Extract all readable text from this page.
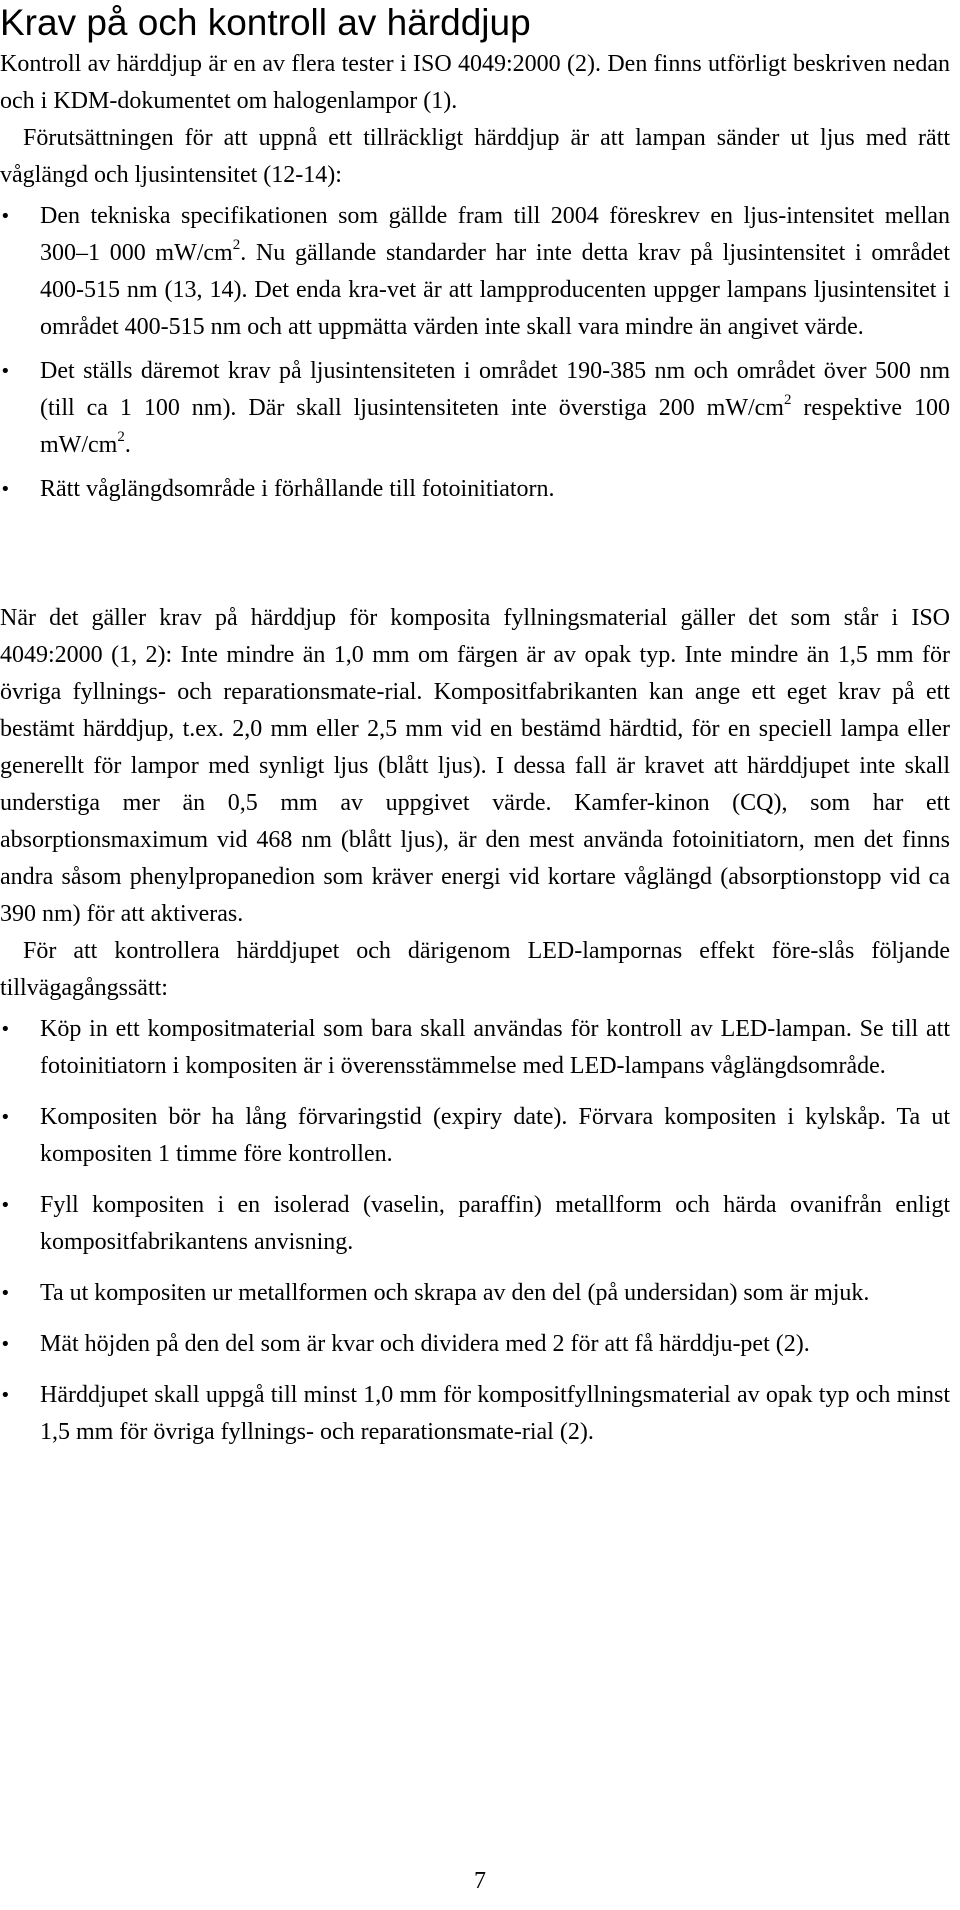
Krav på och kontroll av härddjup

Kontroll av härddjup är en av flera tester i ISO 4049:2000 (2). Den finns utförligt beskriven nedan och i KDM-dokumentet om halogenlampor (1).

Förutsättningen för att uppnå ett tillräckligt härddjup är att lampan sänder ut ljus med rätt våglängd och ljusintensitet (12-14):

•	Den tekniska specifikationen som gällde fram till 2004 föreskrev en ljus-intensitet mellan 300–1 000 $mW/cm^2$. Nu gällande standarder har inte detta krav på ljusintensitet i området 400-515 nm (13, 14). Det enda kra-vet är att lampproducenten uppger lampans ljusintensitet i området 400-515 nm och att uppmätta värden inte skall vara mindre än angivet värde.
•	Det ställs däremot krav på ljusintensiteten i området 190-385 nm och området över 500 nm (till ca 1 100 nm). Där skall ljusintensiteten inte överstiga 200 $mW/cm^2$ respektive 100 $mW/cm^2$.
•	Rätt våglängdsområde i förhållande till fotoinitiatorn.

När det gäller krav på härddjup för komposita fyllningsmaterial gäller det som står i ISO 4049:2000 (1, 2): Inte mindre än 1,0 mm om färgen är av opak typ. Inte mindre än 1,5 mm för övriga fyllnings- och reparationsmate-rial. Kompositfabrikanten kan ange ett eget krav på ett bestämt härddjup, t.ex. 2,0 mm eller 2,5 mm vid en bestämd härdtid, för en speciell lampa eller generellt för lampor med synligt ljus (blått ljus). I dessa fall är kravet att härddjupet inte skall understiga mer än 0,5 mm av uppgivet värde. Kamfer-kinon (CQ), som har ett absorptionsmaximum vid 468 nm (blått ljus), är den mest använda fotoinitiatorn, men det finns andra såsom phenylpropanedion som kräver energi vid kortare våglängd (absorptionstopp vid ca 390 nm) för att aktiveras.

För att kontrollera härddjupet och därigenom LED-lampornas effekt före-slås följande tillvägagångssätt:

•	Köp in ett kompositmaterial som bara skall användas för kontroll av LED-lampan. Se till att fotoinitiatorn i kompositen är i överensstämmelse med LED-lampans våglängdsområde.
•	Kompositen bör ha lång förvaringstid (expiry date). Förvara kompositen i kylskåp. Ta ut kompositen 1 timme före kontrollen.
•	Fyll kompositen i en isolerad (vaselin, paraffin) metallform och härda ovanifrån enligt kompositfabrikantens anvisning.
•	Ta ut kompositen ur metallformen och skrapa av den del (på undersidan) som är mjuk.
•	Mät höjden på den del som är kvar och dividera med 2 för att få härddju-pet (2).
•	Härddjupet skall uppgå till minst 1,0 mm för kompositfyllningsmaterial av opak typ och minst 1,5 mm för övriga fyllnings- och reparationsmate-rial (2).
7
